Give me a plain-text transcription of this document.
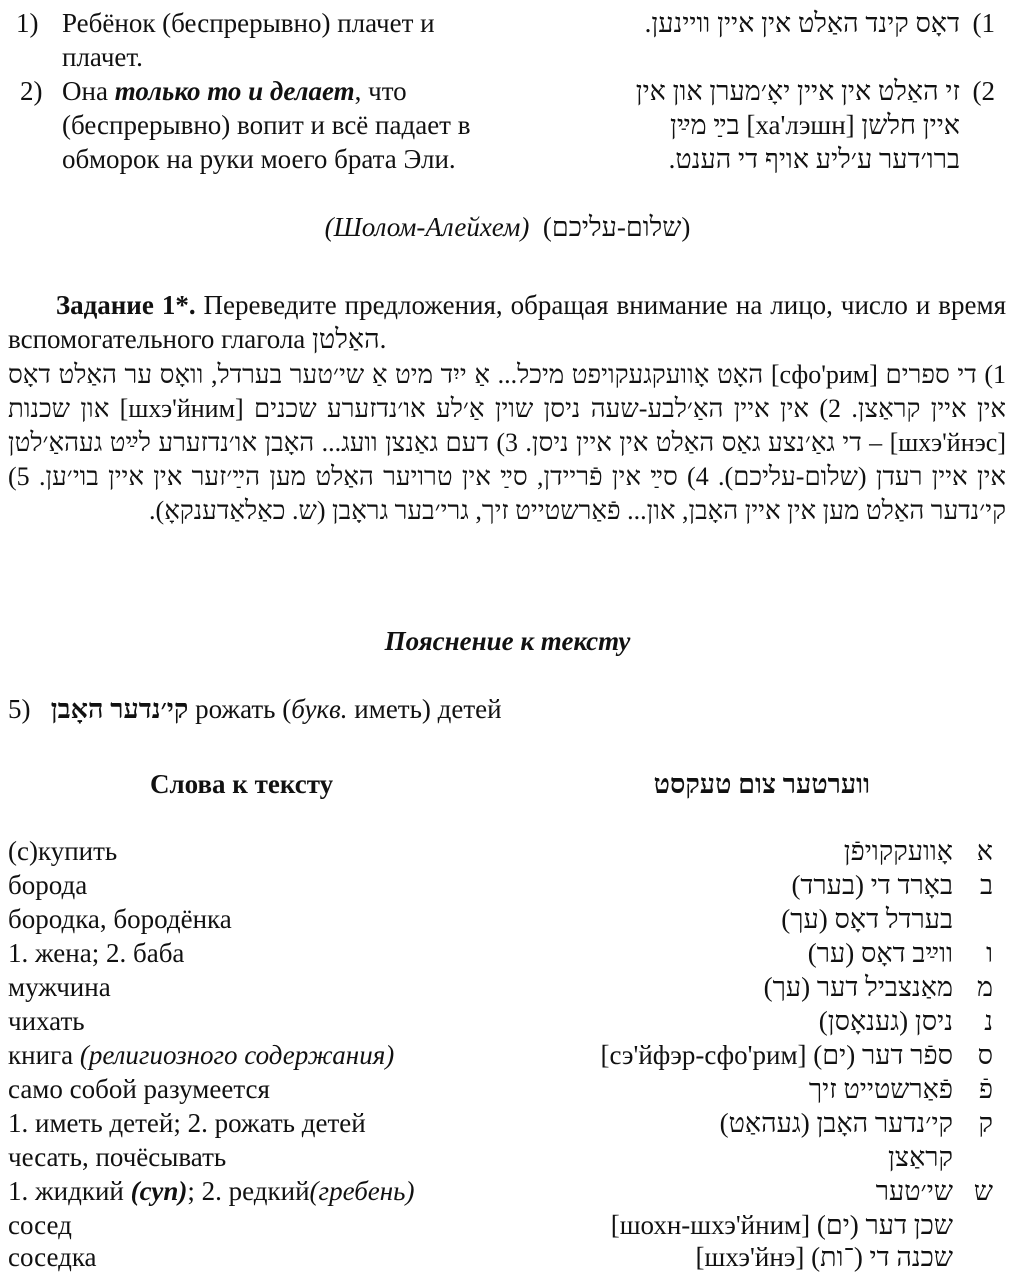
1) Ребёнок (беспрерывно) плачет и плачет.
דאָס קינד האַלט אין איין וויינען. (1
2) Она только то и делает, что (беспрерывно) вопит и всё падает в обморок на руки моего брата Эли.
זי האַלט אין איין יאָ׳מערן און אין איין חלשן [ха'лэшн] בײַ מײַן ברו׳דער ע׳ליע אויף די הענט.
(2
(Шолом-Алейхем) (שלום-עליכם)
Задание 1*. Переведите предложения, обращая внимание на лицо, число и время вспомогательного глагола האַלטן.
1) די ספרים [сфо'рим] האָט אָוועקגעקויפט מיכל... אַ ייִד מיט אַ שי׳טער בערדל, וואָס ער האַלט דאָס אין איין קראַצן. 2) אין איין האַ׳לבע-שעה ניסן שוין אַ׳לע או׳נדזערע שכנים [шхэ'йним] און שכנות [шхэ'йнэс] – די גאַ׳נצע גאַס האַלט אין איין ניסן. 3) דעם גאַנצן וועג... האָבן או׳נדזערע לײַט געהאַ׳לטן אין איין רעדן (שלום-עליכם). 4) סײַ אין פֿריידן, סײַ אין טרויער האַלט מען הײַ׳זער אין איין בוי׳ען. 5) קי׳נדער האַלט מען אין איין האָבן, און... פֿאַרשטייט זיך, גרי׳בער גראָבן (ש. כאַלאַדענקאָ).
Пояснение к тексту
5) קי׳נדער האָבן рожать (букв. иметь) детей
Слова к тексту	ווערטער צום טעקסט
(с)купить	אָוועקקויפֿן א
борода	באָרד די (בערד) ב
бородка, бородёнка	בערדל דאָס (עך)
1. жена; 2. баба	ווײַב דאָס (ער) ו
мужчина	מאַנצביל דער (עך) מ
чихать	ניסן (גענאָסן) נ
книга (религиозного содержания)	ספֿר דער (ים) [сэ'йфэр-сфо'рим] ס
само собой разумеется	פֿאַרשטייט זיך פֿ
1. иметь детей; 2. рожать детей	קי׳נדער האָבן (געהאַט) ק
чесать, почёсывать	קראַצן
1. жидкий (суп); 2. редкий(гребень)	שי׳טער ש
сосед	שכן דער (ים) [шохн-шхэ'йним]
соседка	שכנה די (־ות) [шхэ'йнэ]
